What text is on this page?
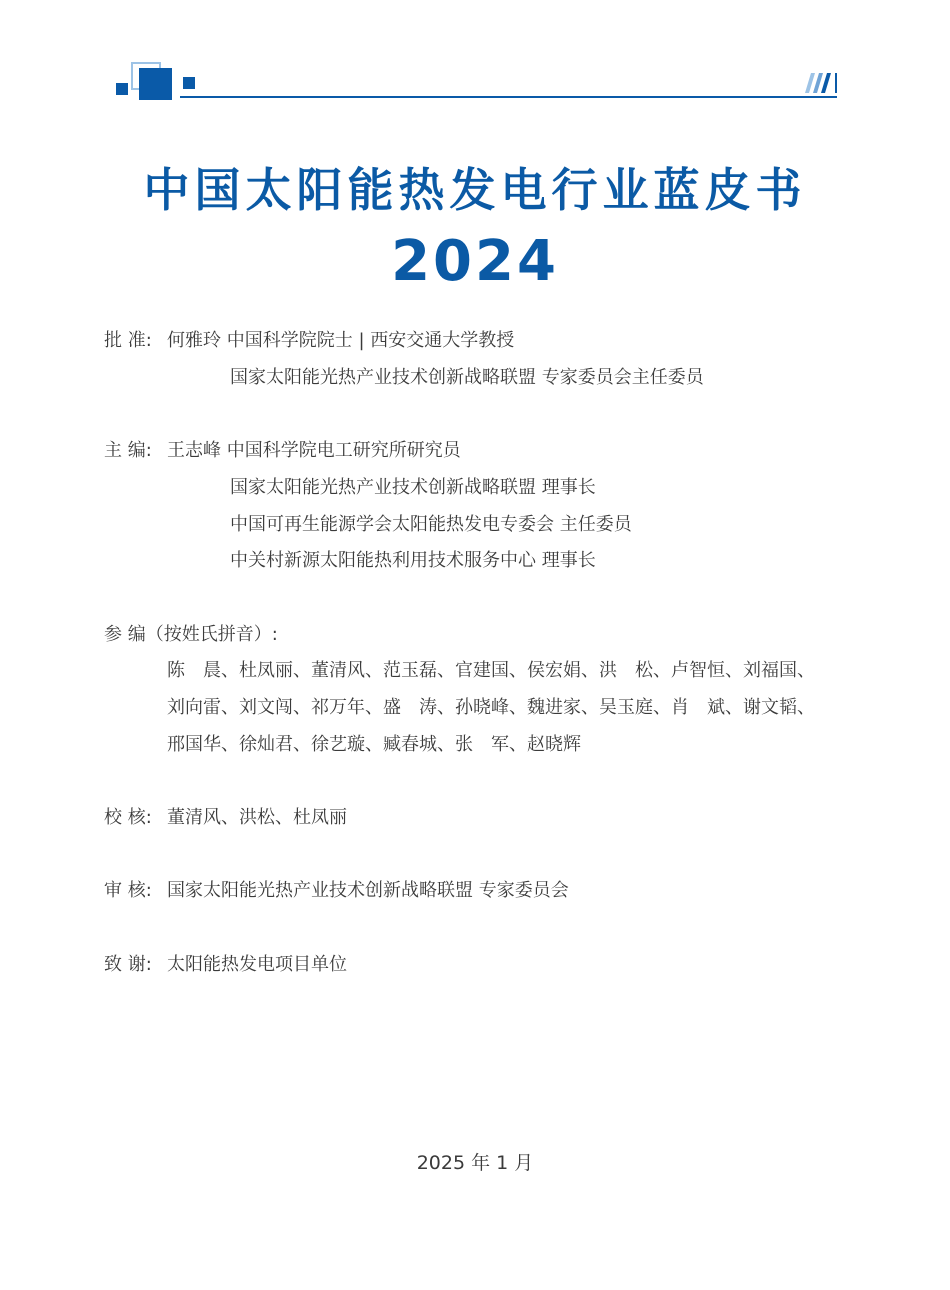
中国太阳能热发电行业蓝皮书
2024
批 准: 何雅玲 中国科学院院士 | 西安交通大学教授
国家太阳能光热产业技术创新战略联盟 专家委员会主任委员
主 编: 王志峰 中国科学院电工研究所研究员
国家太阳能光热产业技术创新战略联盟 理事长
中国可再生能源学会太阳能热发电专委会 主任委员
中关村新源太阳能热利用技术服务中心 理事长
参 编（按姓氏拼音）:
陈　晨、杜凤丽、董清风、范玉磊、官建国、侯宏娟、洪　松、卢智恒、刘福国、
刘向雷、刘文闯、祁万年、盛　涛、孙晓峰、魏进家、吴玉庭、肖　斌、谢文韬、
邢国华、徐灿君、徐艺璇、臧春城、张　军、赵晓辉
校 核: 董清风、洪松、杜凤丽
审 核: 国家太阳能光热产业技术创新战略联盟 专家委员会
致 谢: 太阳能热发电项目单位
2025 年 1 月
